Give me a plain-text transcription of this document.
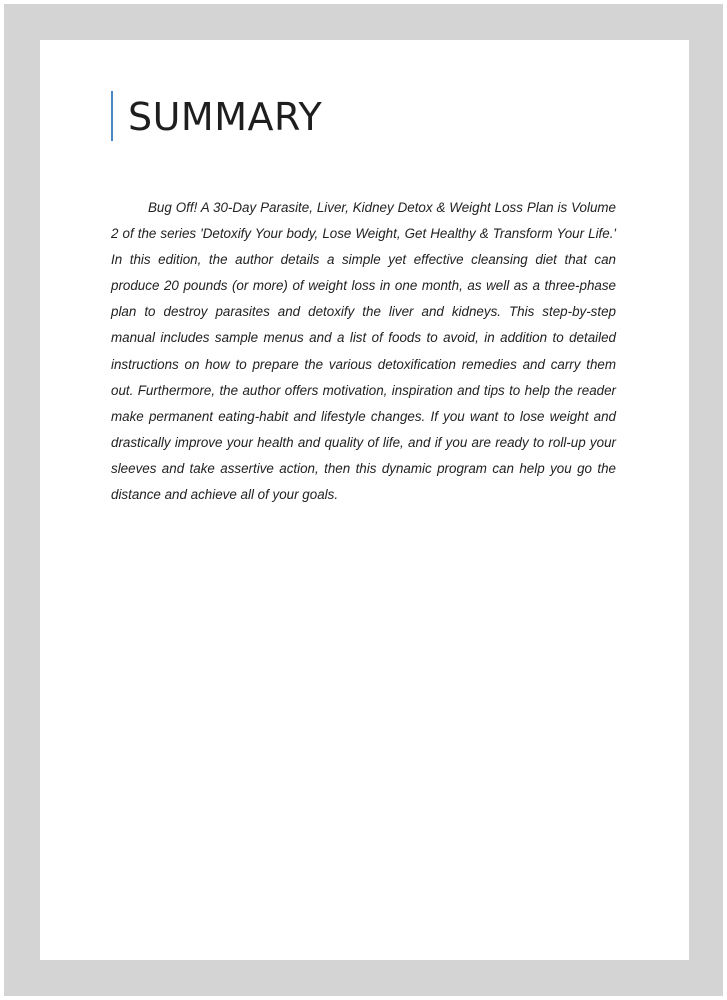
SUMMARY

Bug Off! A 30-Day Parasite, Liver, Kidney Detox & Weight Loss Plan is Volume 2 of the series 'Detoxify Your body, Lose Weight, Get Healthy & Transform Your Life.' In this edition, the author details a simple yet effective cleansing diet that can produce 20 pounds (or more) of weight loss in one month, as well as a three-phase plan to destroy parasites and detoxify the liver and kidneys. This step-by-step manual includes sample menus and a list of foods to avoid, in addition to detailed instructions on how to prepare the various detoxification remedies and carry them out. Furthermore, the author offers motivation, inspiration and tips to help the reader make permanent eating-habit and lifestyle changes. If you want to lose weight and drastically improve your health and quality of life, and if you are ready to roll-up your sleeves and take assertive action, then this dynamic program can help you go the distance and achieve all of your goals.
